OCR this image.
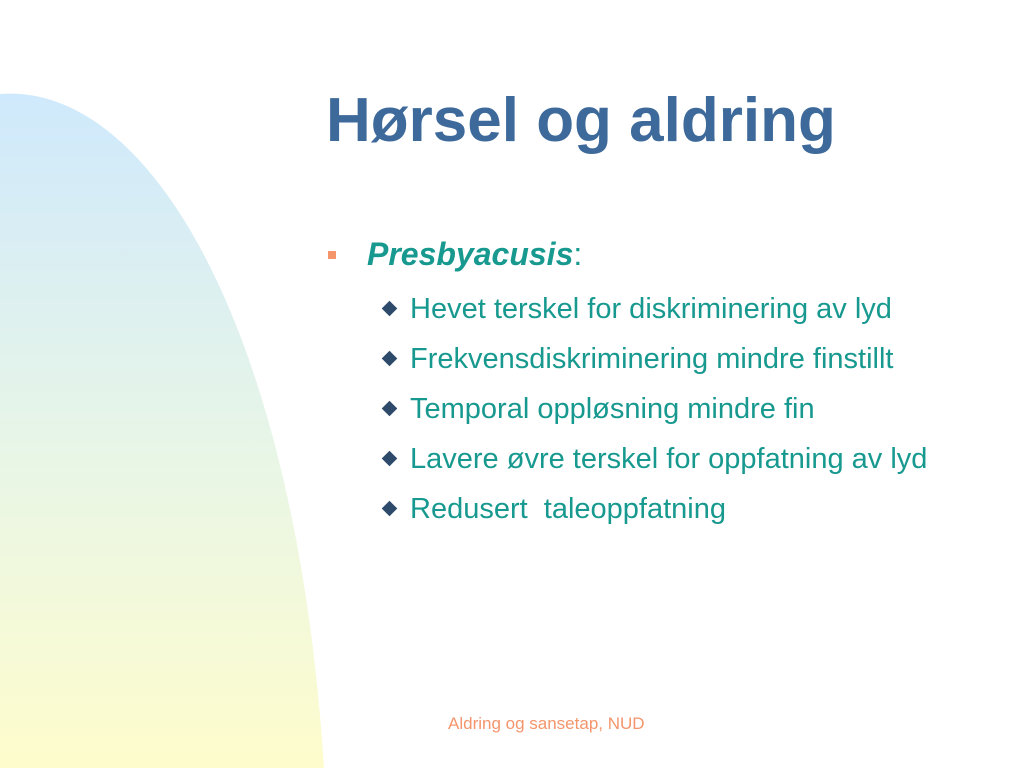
Hørsel og aldring
Presbyacusis:
Hevet terskel for diskriminering av lyd
Frekvensdiskriminering mindre finstillt
Temporal oppløsning mindre fin
Lavere øvre terskel for oppfatning av lyd
Redusert  taleoppfatning
Aldring og sansetap, NUD
